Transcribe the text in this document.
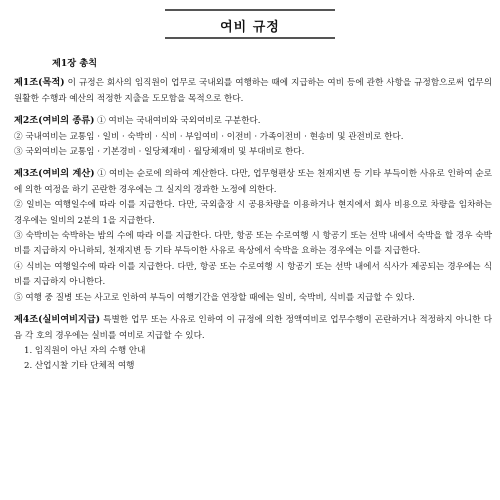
여비 규정
제1장 총칙

제1조(목적) 이 규정은 회사의 임직원이 업무로 국내외를 여행하는 때에 지급하는 여비 등에 관한 사항을 규정함으로써 업무의 원활한 수행과 예산의 적정한 지출을 도모함을 목적으로 한다.

제2조(여비의 종류) ① 여비는 국내여비와 국외여비로 구분한다.

② 국내여비는 교통임 · 일비 · 숙박비 · 식비 · 부임여비 · 이전비 · 가족이전비 · 현송비 및 관전비로 한다.

③ 국외여비는 교통임 · 기본경비 · 일당체재비 · 월당체재비 및 부대비로 한다.

제3조(여비의 계산) ① 여비는 순로에 의하여 계산한다. 다만, 업무형편상 또는 천재지변 등 기타 부득이한 사유로 인하여 순로에 의한 여정을 하기 곤란한 경우에는 그 실지의 경과한 노정에 의한다.

② 일비는 여행일수에 따라 이를 지급한다. 다만, 국외출장 시 공용차량을 이용하거나 현지에서 회사 비용으로 차량을 임차하는 경우에는 일비의 2분의 1을 지급한다.

③ 숙박비는 숙박하는 밤의 수에 따라 이를 지급한다. 다만, 항공 또는 수로여행 시 항공기 또는 선박 내에서 숙박을 할 경우 숙박비를 지급하지 아니하되, 천재지변 등 기타 부득이한 사유로 육상에서 숙박을 요하는 경우에는 이를 지급한다.

④ 식비는 여행일수에 따라 이를 지급한다. 다만, 항공 또는 수로여행 시 항공기 또는 선박 내에서 식사가 제공되는 경우에는 식비를 지급하지 아니한다.

⑤ 여행 중 질병 또는 사고로 인하여 부득이 여행기간을 연장할 때에는 일비, 숙박비, 식비를 지급할 수 있다.

제4조(실비여비지급) 특별한 업무 또는 사유로 인하여 이 규정에 의한 정액여비로 업무수행이 곤란하거나 적정하지 아니한 다음 각 호의 경우에는 실비를 여비로 지급할 수 있다.

1. 임직원이 아닌 자의 수행 안내

2. 산업시찰 기타 단체적 여행
